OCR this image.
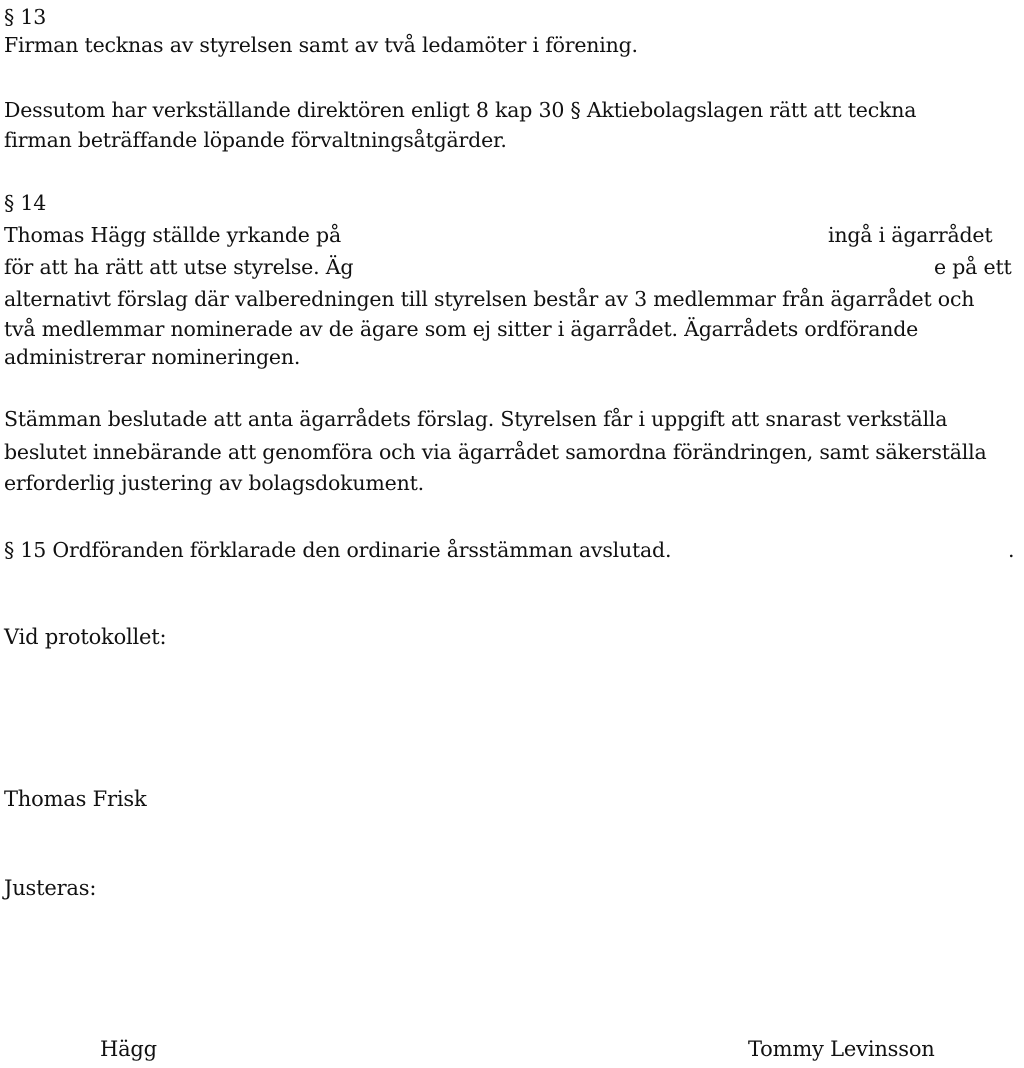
§ 13
Firman tecknas av styrelsen samt av två ledamöter i förening.
Dessutom har verkställande direktören enligt 8 kap 30 § Aktiebolagslagen rätt att teckna
firman beträffande löpande förvaltningsåtgärder.
§ 14
Thomas Hägg ställde yrkande på	ingå i ägarrådet
för att ha rätt att utse styrelse. Äg	e på ett
alternativt förslag där valberedningen till styrelsen består av 3 medlemmar från ägarrådet och
två medlemmar nominerade av de ägare som ej sitter i ägarrådet. Ägarrådets ordförande
administrerar nomineringen.
Stämman beslutade att anta ägarrådets förslag. Styrelsen får i uppgift att snarast verkställa
beslutet innebärande att genomföra och via ägarrådet samordna förändringen, samt säkerställa
erforderlig justering av bolagsdokument.
§ 15 Ordföranden förklarade den ordinarie årsstämman avslutad.	.
Vid protokollet:
Thomas Frisk
Justeras:
Hägg	Tommy Levinsson
